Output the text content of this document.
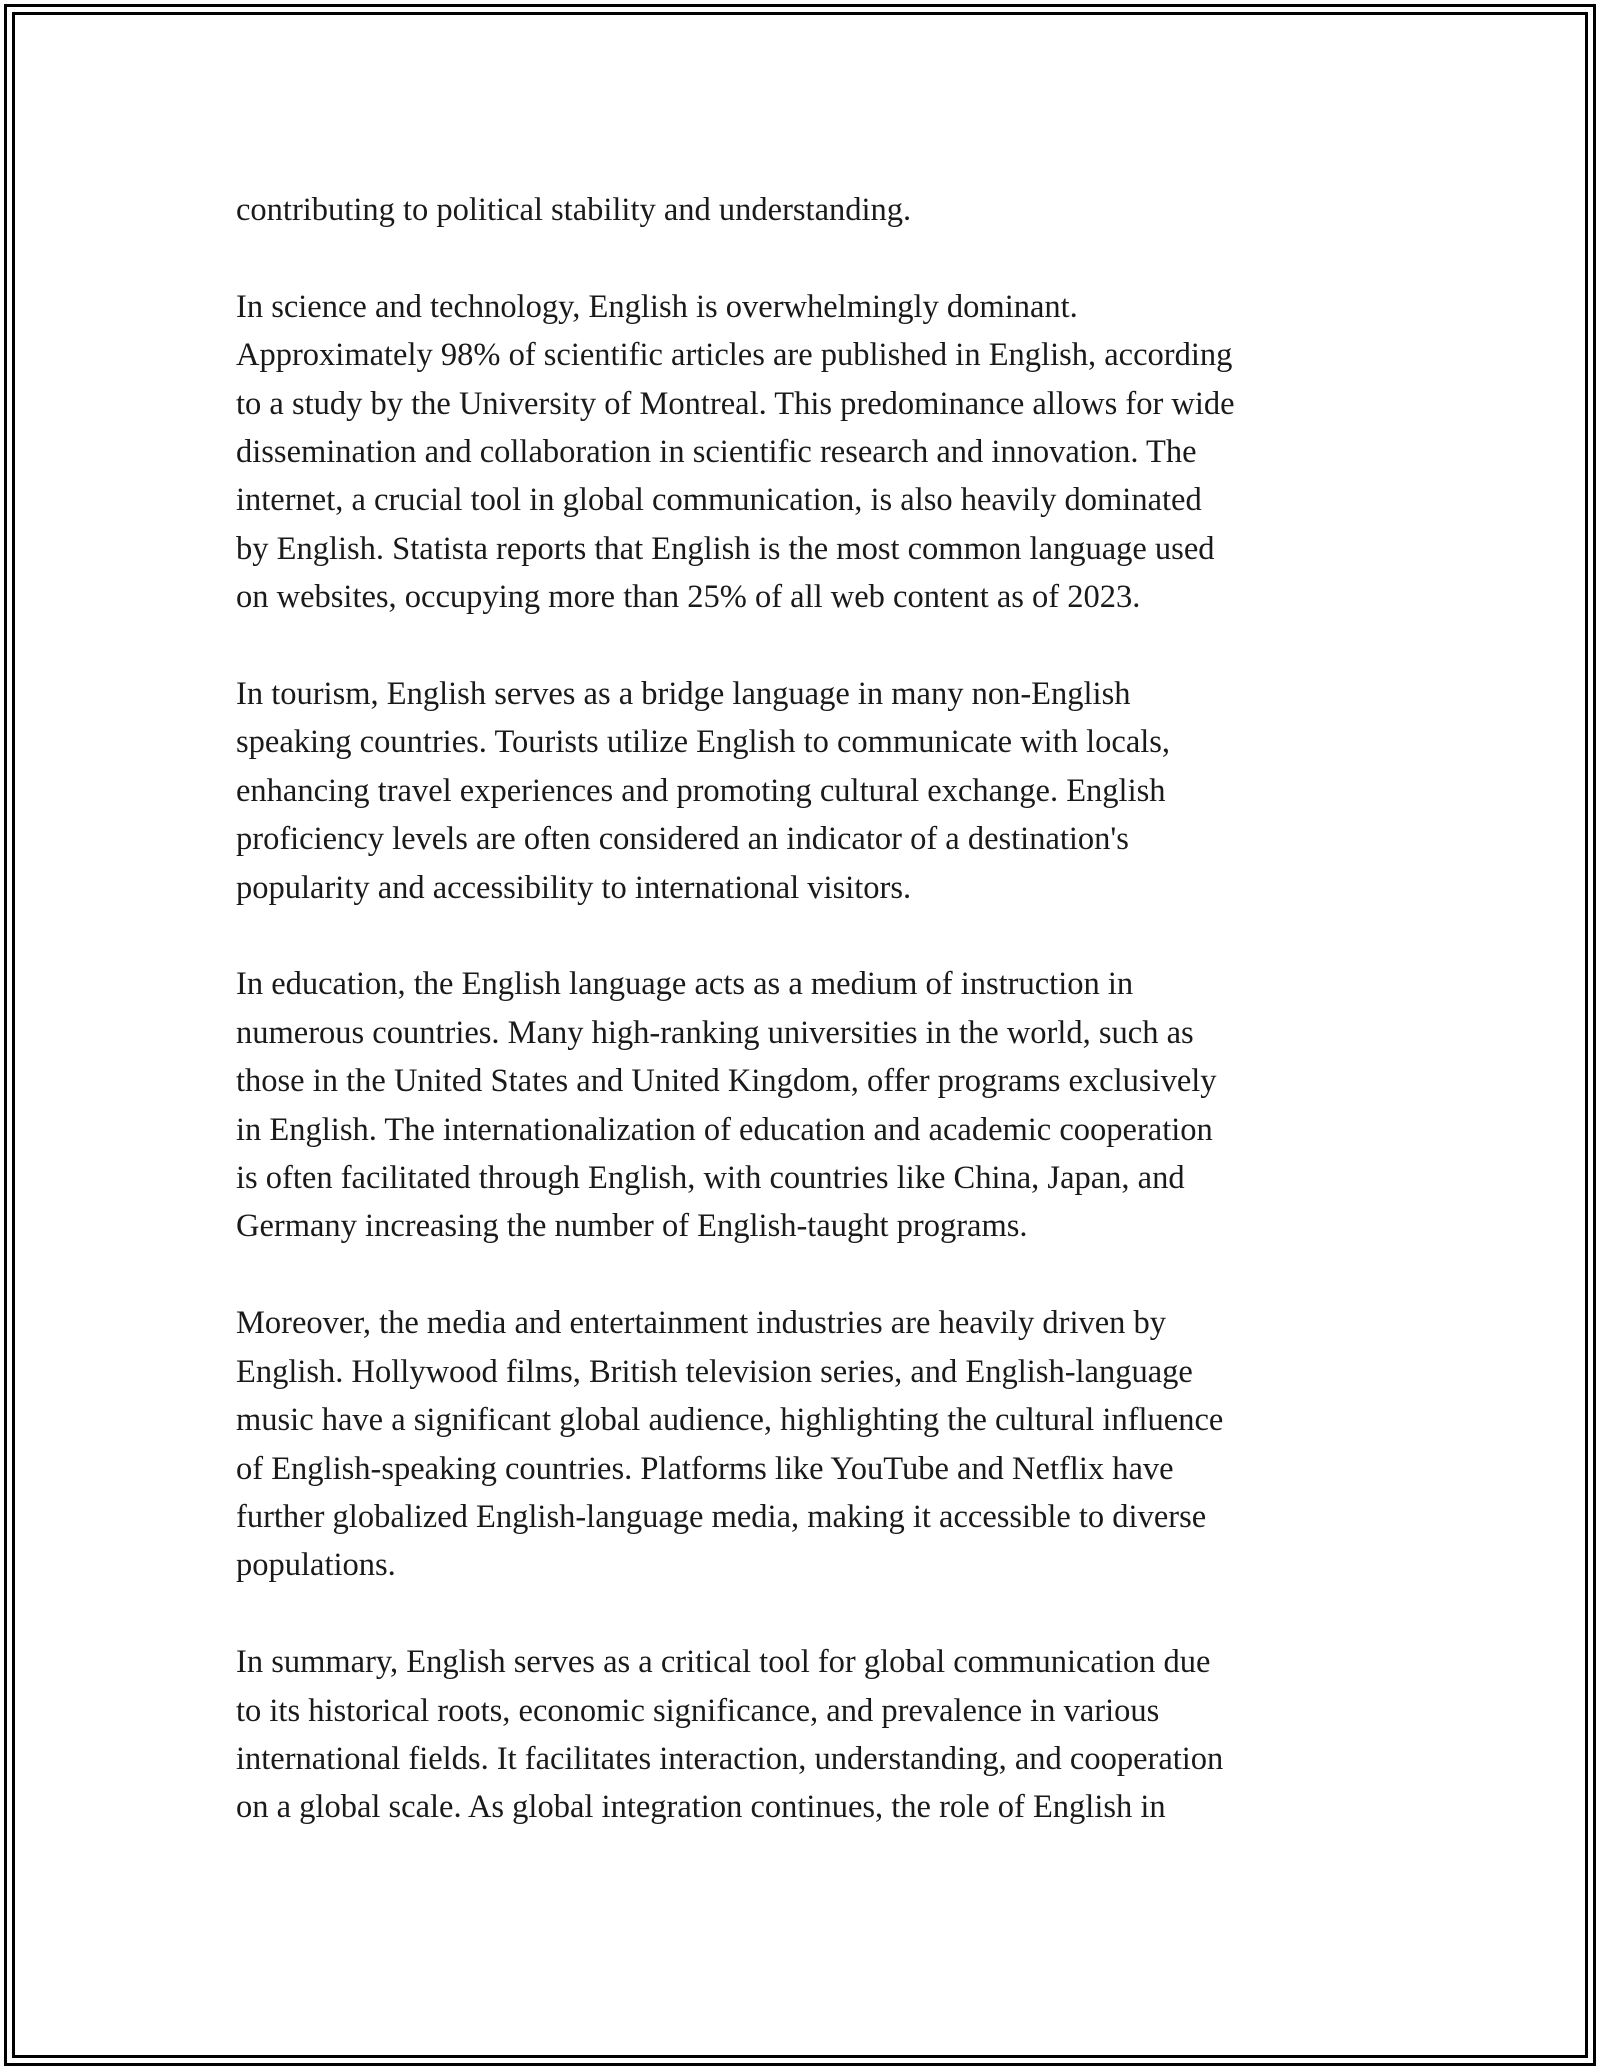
contributing to political stability and understanding.

In science and technology, English is overwhelmingly dominant.
Approximately 98% of scientific articles are published in English, according
to a study by the University of Montreal. This predominance allows for wide
dissemination and collaboration in scientific research and innovation. The
internet, a crucial tool in global communication, is also heavily dominated
by English. Statista reports that English is the most common language used
on websites, occupying more than 25% of all web content as of 2023.

In tourism, English serves as a bridge language in many non-English
speaking countries. Tourists utilize English to communicate with locals,
enhancing travel experiences and promoting cultural exchange. English
proficiency levels are often considered an indicator of a destination's
popularity and accessibility to international visitors.

In education, the English language acts as a medium of instruction in
numerous countries. Many high-ranking universities in the world, such as
those in the United States and United Kingdom, offer programs exclusively
in English. The internationalization of education and academic cooperation
is often facilitated through English, with countries like China, Japan, and
Germany increasing the number of English-taught programs.

Moreover, the media and entertainment industries are heavily driven by
English. Hollywood films, British television series, and English-language
music have a significant global audience, highlighting the cultural influence
of English-speaking countries. Platforms like YouTube and Netflix have
further globalized English-language media, making it accessible to diverse
populations.

In summary, English serves as a critical tool for global communication due
to its historical roots, economic significance, and prevalence in various
international fields. It facilitates interaction, understanding, and cooperation
on a global scale. As global integration continues, the role of English in
